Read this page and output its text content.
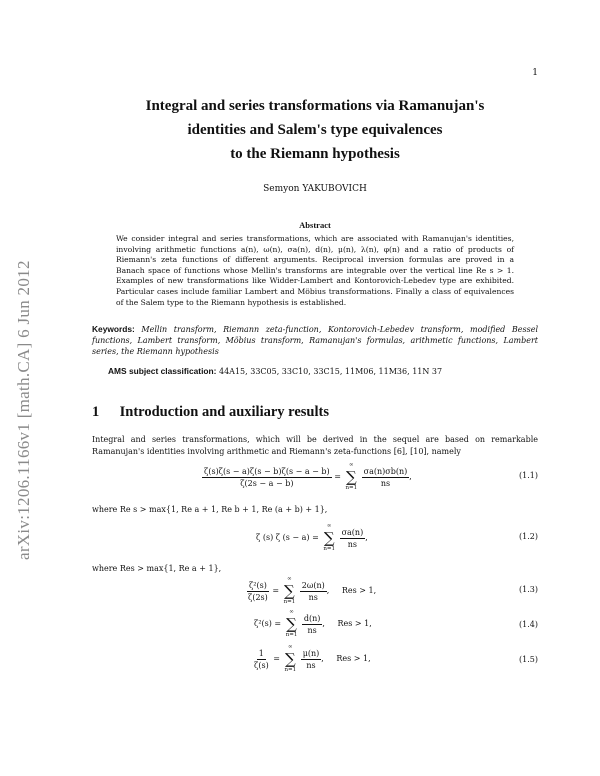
1
arXiv:1206.1166v1 [math.CA] 6 Jun 2012
Integral and series transformations via Ramanujan's
identities and Salem's type equivalences
to the Riemann hypothesis
Semyon YAKUBOVICH
Abstract
We consider integral and series transformations, which are associated with Ramanujan's identities, involving arithmetic functions a(n), ω(n), σa(n), d(n), μ(n), λ(n), φ(n) and a ratio of products of Riemann's zeta functions of different arguments. Reciprocal inversion formulas are proved in a Banach space of functions whose Mellin's transforms are integrable over the vertical line Re s > 1. Examples of new transformations like Widder-Lambert and Kontorovich-Lebedev type are exhibited. Particular cases include familiar Lambert and Möbius transformations. Finally a class of equivalences of the Salem type to the Riemann hypothesis is established.
Keywords: Mellin transform, Riemann zeta-function, Kontorovich-Lebedev transform, modified Bessel functions, Lambert transform, Möbius transform, Ramanujan's formulas, arithmetic functions, Lambert series, the Riemann hypothesis
AMS subject classification: 44A15, 33C05, 33C10, 33C15, 11M06, 11M36, 11N 37
1 Introduction and auxiliary results
Integral and series transformations, which will be derived in the sequel are based on remarkable Ramanujan's identities involving arithmetic and Riemann's zeta-functions [6], [10], namely
$\frac{\zeta(s)\zeta(s - a)\zeta(s - b)\zeta(s - a - b)}{\zeta(2s - a - b)}$ =
∞
∑
n=1

$\frac{\sigma a(n)\sigma b(n)}{ns}$ ,	(1.1)
where Re s > max{1, Re a + 1, Re b + 1, Re (a + b) + 1},
ζ (s) ζ (s − a) =
∞
∑
n=1

$\frac{\sigma a(n)}{ns}$ ,	(1.2)
where Res > max{1, Re a + 1},
$\frac{\text{ζ²(s)}}{\zeta(2s)}$ =
∞
∑
n=1

$\frac{2\omega(n)}{ns}$ , Res > 1,	(1.3)
ζ²(s) =
∞
∑
n=1

$\frac{d(n)}{ns}$ , Res > 1,	(1.4)
$\frac{1}{\zeta(s)}$ =
∞
∑
n=1

$\frac{\mu(n)}{ns}$ , Res > 1,	(1.5)
